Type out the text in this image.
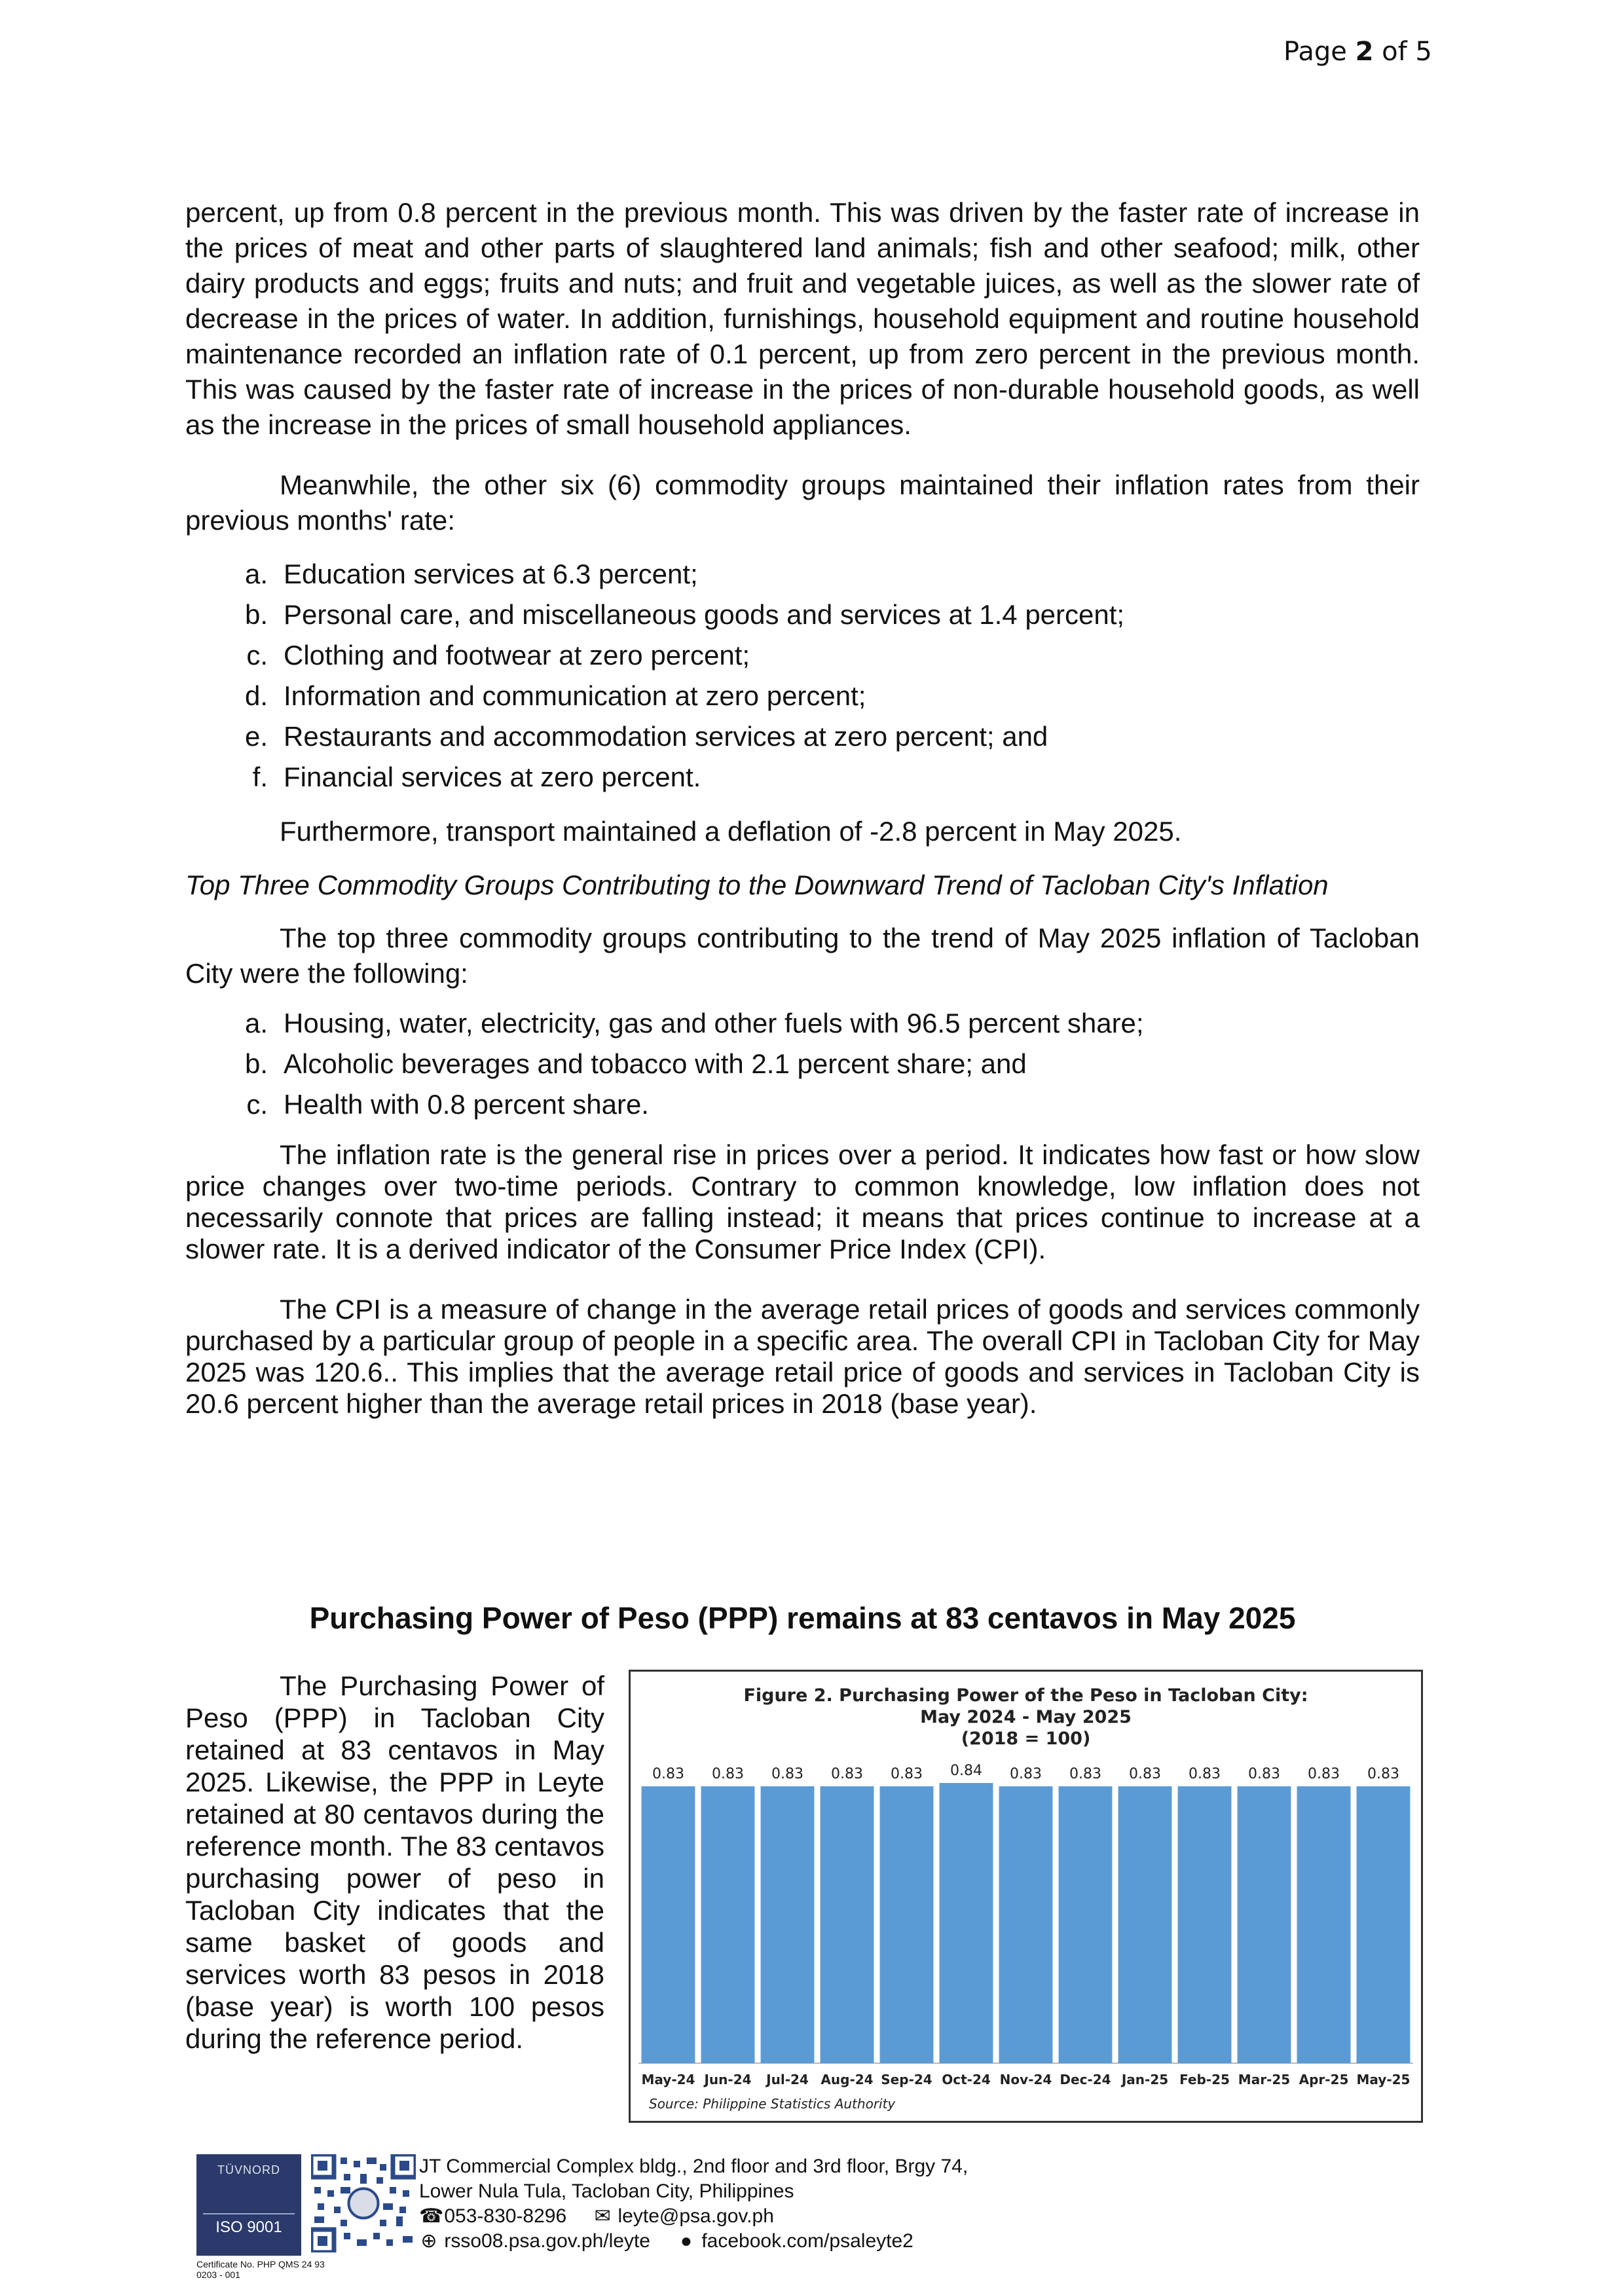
Page 2 of 5

percent, up from 0.8 percent in the previous month. This was driven by the faster rate of increase in the prices of meat and other parts of slaughtered land animals; fish and other seafood; milk, other dairy products and eggs; fruits and nuts; and fruit and vegetable juices, as well as the slower rate of decrease in the prices of water. In addition, furnishings, household equipment and routine household maintenance recorded an inflation rate of 0.1 percent, up from zero percent in the previous month. This was caused by the faster rate of increase in the prices of non-durable household goods, as well as the increase in the prices of small household appliances.

Meanwhile, the other six (6) commodity groups maintained their inflation rates from their previous months' rate:

a. Education services at 6.3 percent;
b. Personal care, and miscellaneous goods and services at 1.4 percent;
c. Clothing and footwear at zero percent;
d. Information and communication at zero percent;
e. Restaurants and accommodation services at zero percent; and
f. Financial services at zero percent.

Furthermore, transport maintained a deflation of -2.8 percent in May 2025.

Top Three Commodity Groups Contributing to the Downward Trend of Tacloban City's Inflation

The top three commodity groups contributing to the trend of May 2025 inflation of Tacloban City were the following:

a. Housing, water, electricity, gas and other fuels with 96.5 percent share;
b. Alcoholic beverages and tobacco with 2.1 percent share; and
c. Health with 0.8 percent share.

The inflation rate is the general rise in prices over a period. It indicates how fast or how slow price changes over two-time periods. Contrary to common knowledge, low inflation does not necessarily connote that prices are falling instead; it means that prices continue to increase at a slower rate. It is a derived indicator of the Consumer Price Index (CPI).

The CPI is a measure of change in the average retail prices of goods and services commonly purchased by a particular group of people in a specific area. The overall CPI in Tacloban City for May 2025 was 120.6.. This implies that the average retail price of goods and services in Tacloban City is 20.6 percent higher than the average retail prices in 2018 (base year).

Purchasing Power of Peso (PPP) remains at 83 centavos in May 2025

The Purchasing Power of Peso (PPP) in Tacloban City retained at 83 centavos in May 2025. Likewise, the PPP in Leyte retained at 80 centavos during the reference month. The 83 centavos purchasing power of peso in Tacloban City indicates that the same basket of goods and services worth 83 pesos in 2018 (base year) is worth 100 pesos during the reference period.

Figure 2. Purchasing Power of the Peso in Tacloban City:
May 2024 - May 2025
(2018 = 100)
0.83
May-24
0.83
Jun-24
0.83
Jul-24
0.83
Aug-24
0.83
Sep-24
0.84
Oct-24
0.83
Nov-24
0.83
Dec-24
0.83
Jan-25
0.83
Feb-25
0.83
Mar-25
0.83
Apr-25
0.83
May-25
Source: Philippine Statistics Authority
TÜVNORD
ISO 9001
Certificate No. PHP QMS 24 93 0203 - 001
JT Commercial Complex bldg., 2nd floor and 3rd floor, Brgy 74,
Lower Nula Tula, Tacloban City, Philippines
☎ 053-830-8296 ✉ leyte@psa.gov.ph
⊕ rsso08.psa.gov.ph/leyte ● facebook.com/psaleyte2
